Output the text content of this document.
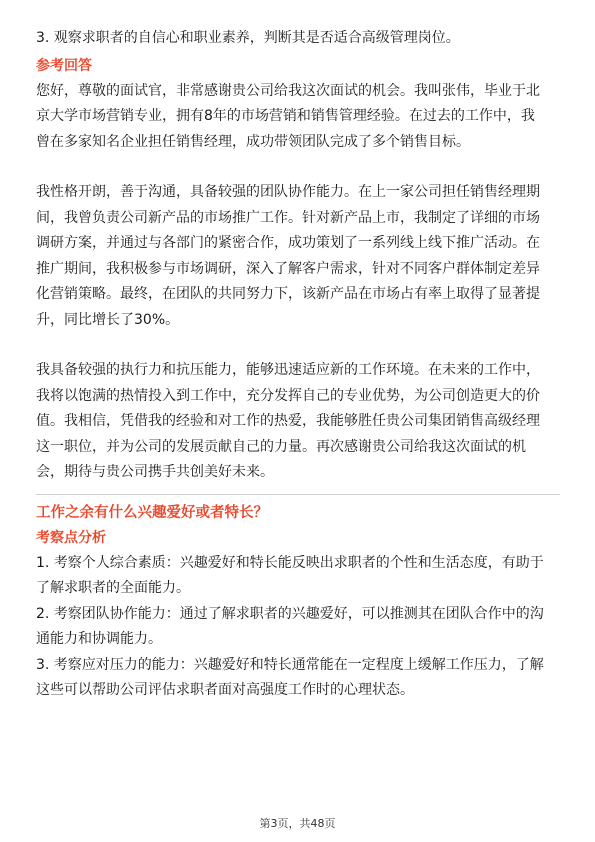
3. 观察求职者的自信心和职业素养，判断其是否适合高级管理岗位。
参考回答
您好，尊敬的面试官，非常感谢贵公司给我这次面试的机会。我叫张伟，毕业于北
京大学市场营销专业，拥有8年的市场营销和销售管理经验。在过去的工作中，我
曾在多家知名企业担任销售经理，成功带领团队完成了多个销售目标。
我性格开朗，善于沟通，具备较强的团队协作能力。在上一家公司担任销售经理期
间，我曾负责公司新产品的市场推广工作。针对新产品上市，我制定了详细的市场
调研方案，并通过与各部门的紧密合作，成功策划了一系列线上线下推广活动。在
推广期间，我积极参与市场调研，深入了解客户需求，针对不同客户群体制定差异
化营销策略。最终，在团队的共同努力下，该新产品在市场占有率上取得了显著提
升，同比增长了30%。
我具备较强的执行力和抗压能力，能够迅速适应新的工作环境。在未来的工作中，
我将以饱满的热情投入到工作中，充分发挥自己的专业优势，为公司创造更大的价
值。我相信，凭借我的经验和对工作的热爱，我能够胜任贵公司集团销售高级经理
这一职位，并为公司的发展贡献自己的力量。再次感谢贵公司给我这次面试的机
会，期待与贵公司携手共创美好未来。
工作之余有什么兴趣爱好或者特长？
考察点分析
1. 考察个人综合素质：兴趣爱好和特长能反映出求职者的个性和生活态度，有助于
了解求职者的全面能力。
2. 考察团队协作能力：通过了解求职者的兴趣爱好，可以推测其在团队合作中的沟
通能力和协调能力。
3. 考察应对压力的能力：兴趣爱好和特长通常能在一定程度上缓解工作压力，了解
这些可以帮助公司评估求职者面对高强度工作时的心理状态。
第3页，共48页
